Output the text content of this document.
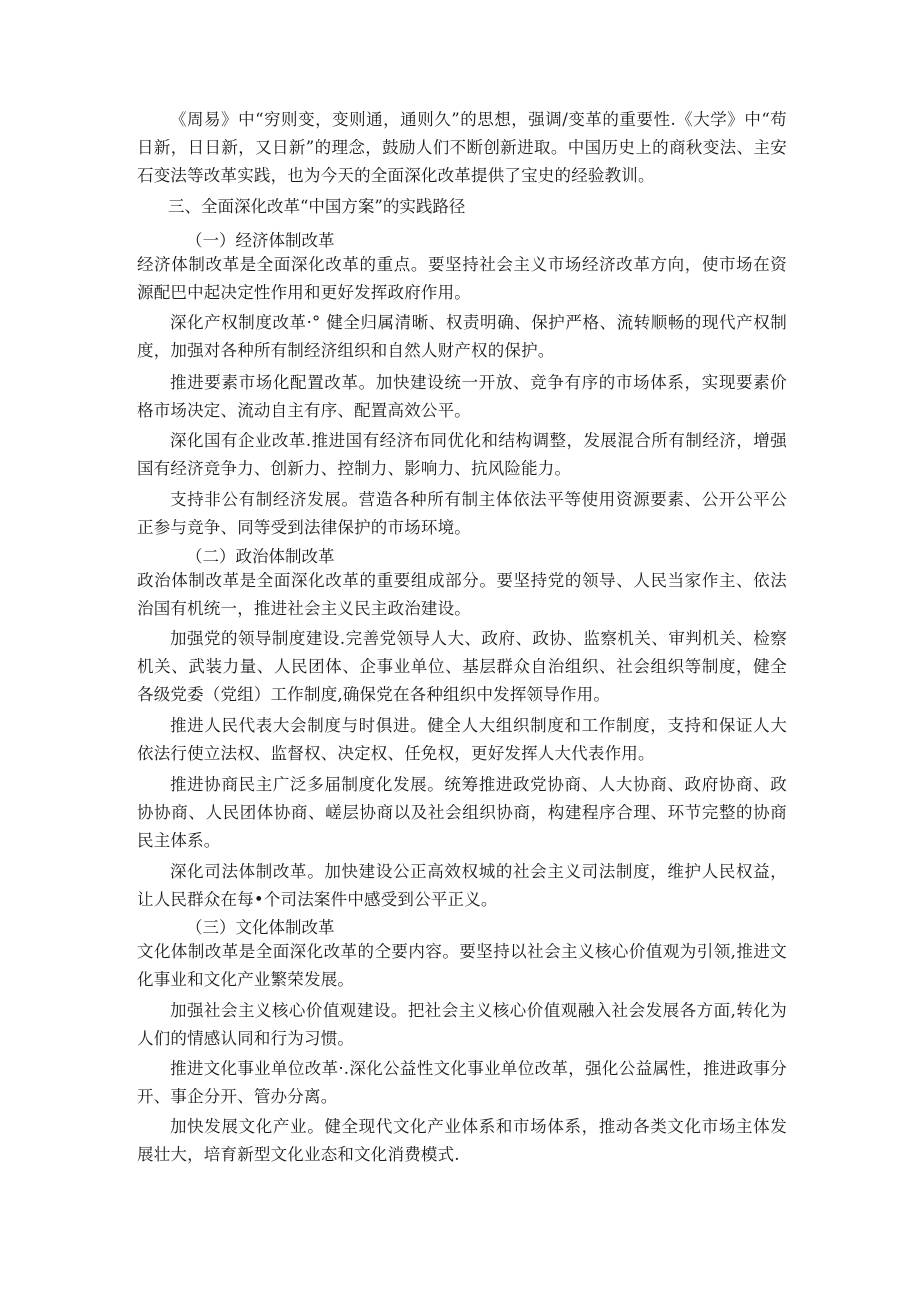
《周易》中“穷则变，变则通，通则久”的思想，强调/变革的重要性.《大学》中“苟日新，日日新，又日新”的理念，鼓励人们不断创新进取。中国历史上的商秋变法、主安石变法等改革实践，也为今天的全面深化改革提供了宝史的经验教训。

三、全面深化改革“中国方案”的实践路径

（一）经济体制改革

经济体制改革是全面深化改革的重点。要坚持社会主义市场经济改革方向，使市场在资源配巴中起决定性作用和更好发挥政府作用。

深化产权制度改革·° 健全归属清晰、权责明确、保护严格、流转顺畅的现代产权制度，加强对各种所有制经济组织和自然人财产权的保护。

推进要素市场化配置改革。加快建设统一开放、竞争有序的市场体系，实现要素价格市场决定、流动自主有序、配置高效公平。

深化国有企业改革.推进国有经济布同优化和结构调整，发展混合所有制经济，增强国有经济竞争力、创新力、控制力、影响力、抗风险能力。

支持非公有制经济发展。营造各种所有制主体依法平等使用资源要素、公开公平公正参与竞争、同等受到法律保护的市场环境。

（二）政治体制改革

政治体制改革是全面深化改革的重要组成部分。要坚持党的领导、人民当家作主、依法治国有机统一，推进社会主义民主政治建设。

加强党的领导制度建设.完善党领导人大、政府、政协、监察机关、审判机关、检察机关、武装力量、人民团体、企事业单位、基层群众自治组织、社会组织等制度，健全各级党委（党组）工作制度,确保党在各种组织中发挥领导作用。

推进人民代表大会制度与时俱进。健全人大组织制度和工作制度，支持和保证人大依法行使立法权、监督权、决定权、任免权，更好发挥人大代表作用。

推进协商民主广泛多届制度化发展。统筹推进政党协商、人大协商、政府协商、政协协商、人民团体协商、嵯层协商以及社会组织协商，构建程序合理、环节完整的协商民主体系。

深化司法体制改革。加快建设公正高效权城的社会主义司法制度，维护人民权益，让人民群众在每•个司法案件中感受到公平正义。

（三）文化体制改革

文化体制改革是全面深化改革的仝要内容。要坚持以社会主义核心价值观为引领,推进文化事业和文化产业繁荣发展。

加强社会主义核心价值观建设。把社会主义核心价值观融入社会发展各方面,转化为人们的情感认同和行为习惯。

推进文化事业单位改革·.深化公益性文化事业单位改革，强化公益属性，推进政事分开、事企分开、管办分离。

加快发展文化产业。健全现代文化产业体系和市场体系，推动各类文化市场主体发展壮大，培育新型文化业态和文化消费模式.
